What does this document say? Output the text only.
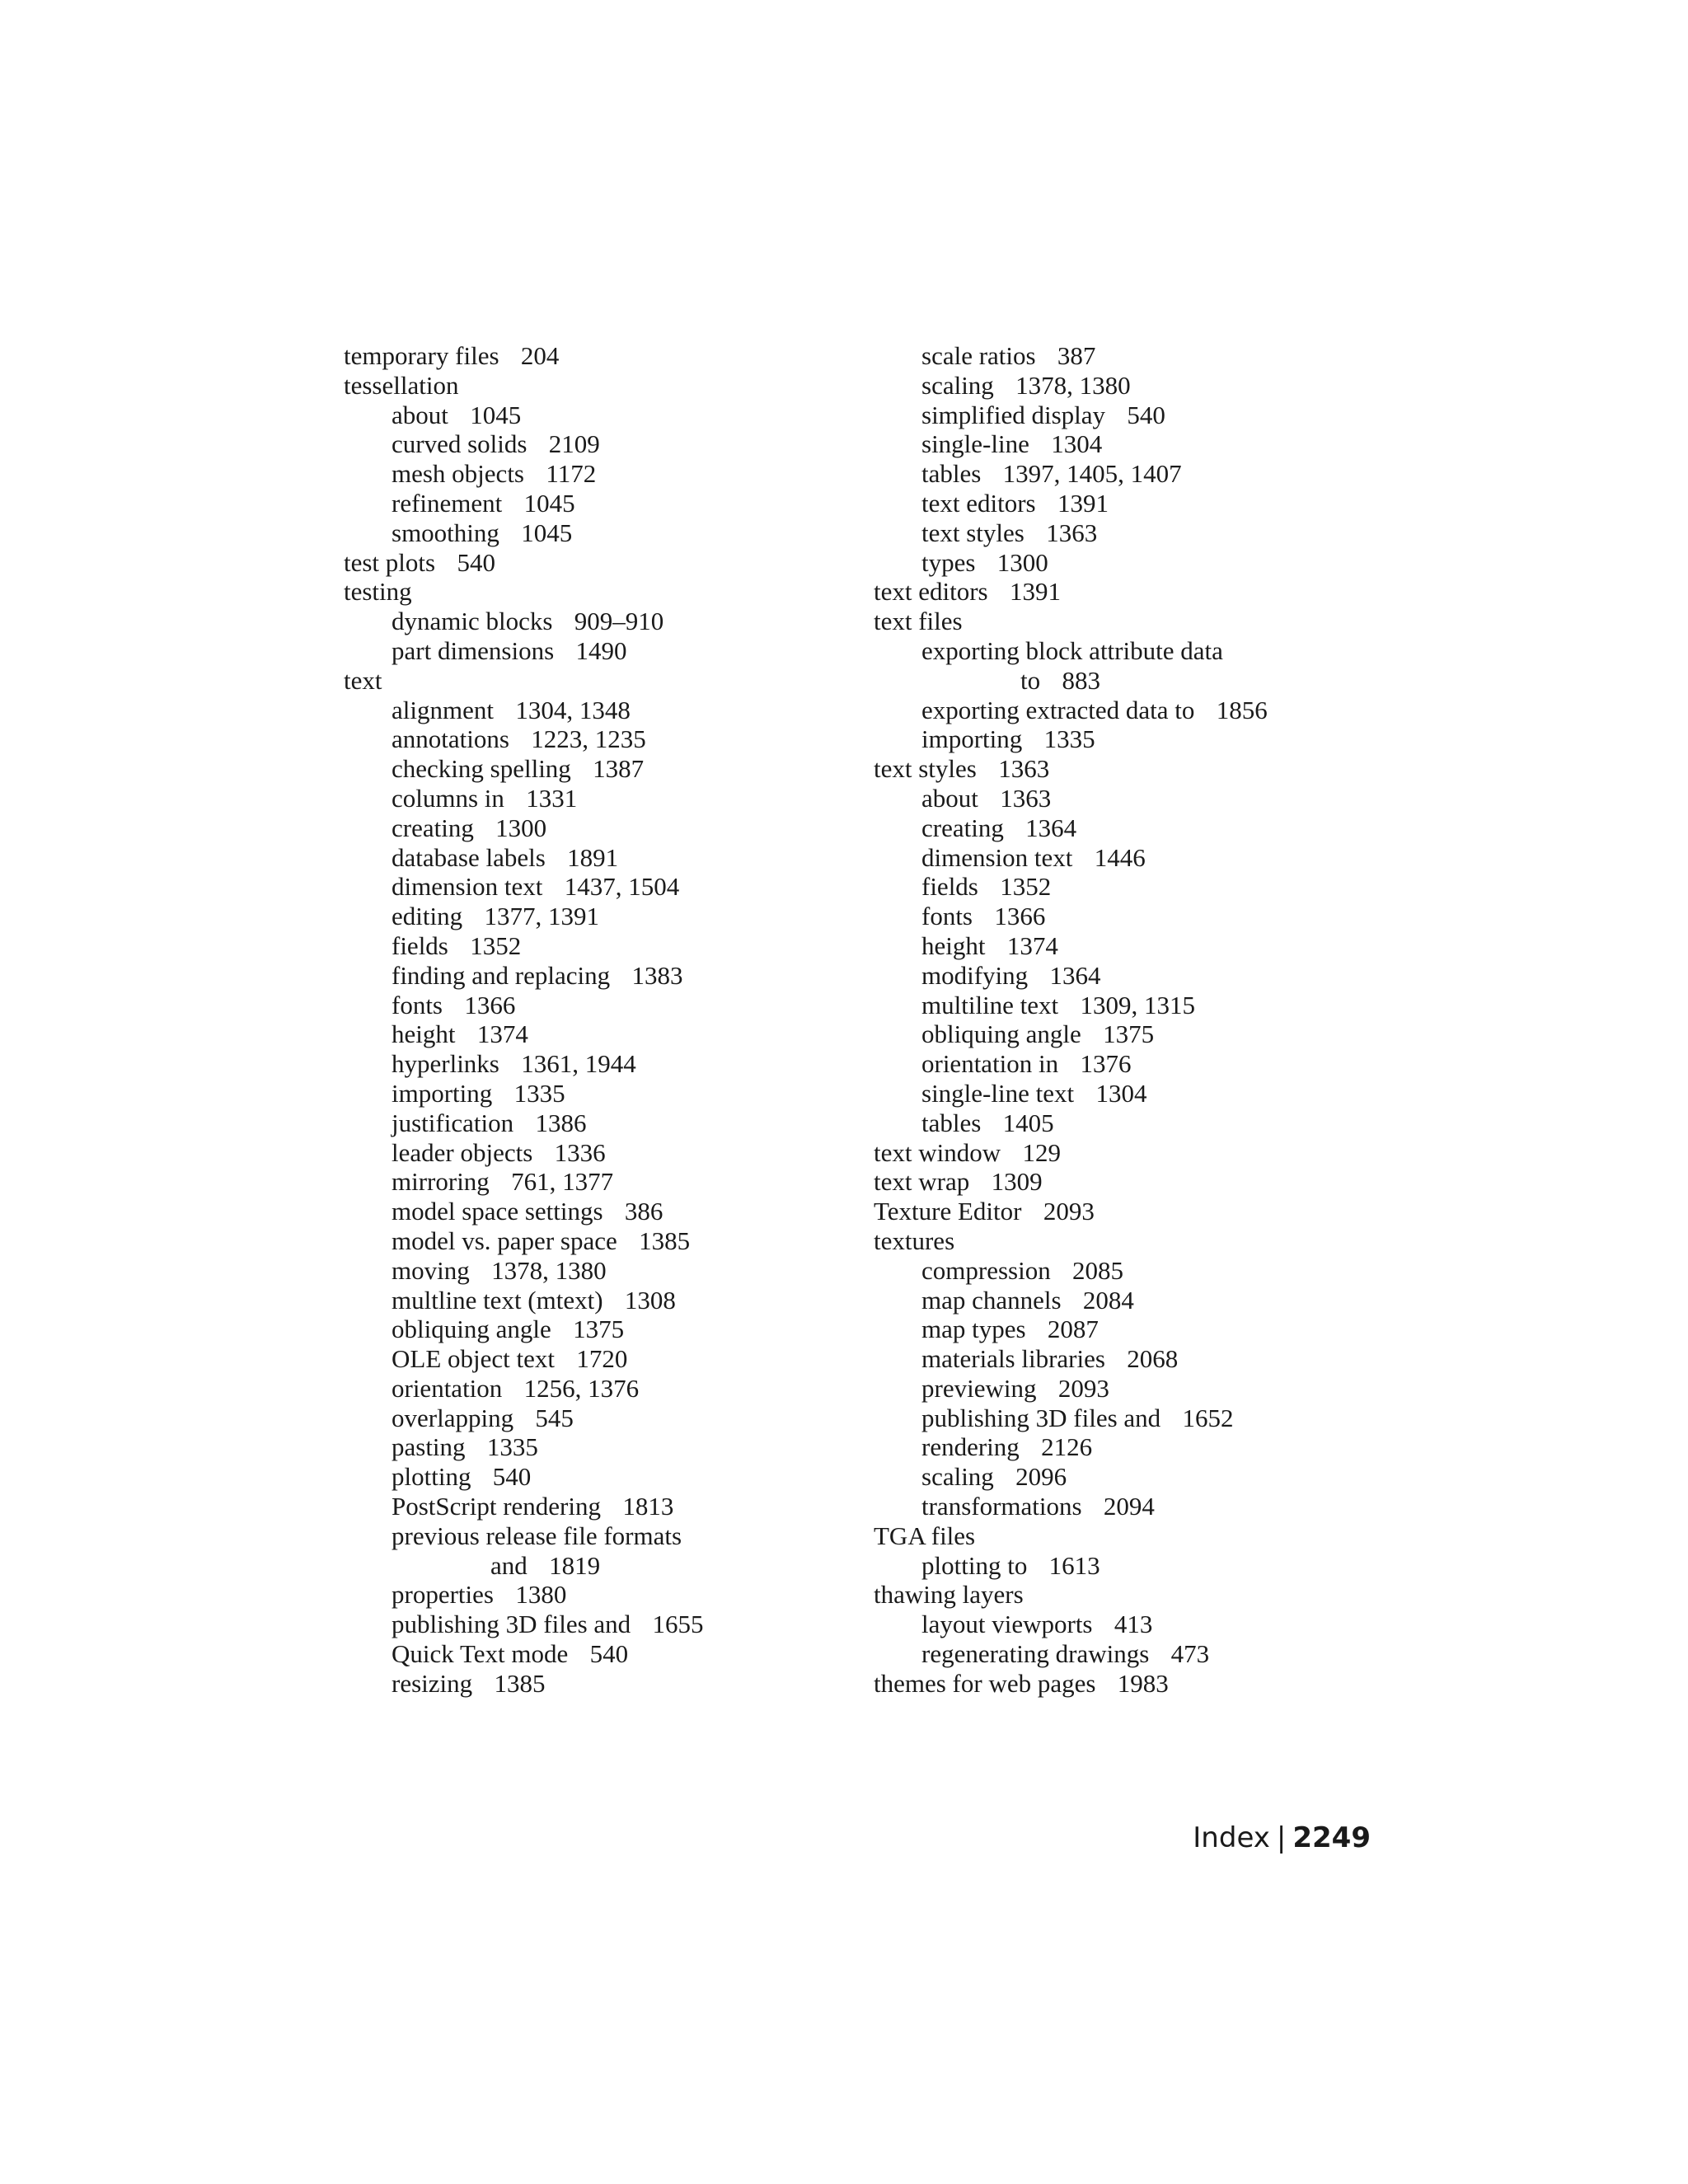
temporary files 204
tessellation
about 1045
curved solids 2109
mesh objects 1172
refinement 1045
smoothing 1045
test plots 540
testing
dynamic blocks 909–910
part dimensions 1490
text
alignment 1304, 1348
annotations 1223, 1235
checking spelling 1387
columns in 1331
creating 1300
database labels 1891
dimension text 1437, 1504
editing 1377, 1391
fields 1352
finding and replacing 1383
fonts 1366
height 1374
hyperlinks 1361, 1944
importing 1335
justification 1386
leader objects 1336
mirroring 761, 1377
model space settings 386
model vs. paper space 1385
moving 1378, 1380
multline text (mtext) 1308
obliquing angle 1375
OLE object text 1720
orientation 1256, 1376
overlapping 545
pasting 1335
plotting 540
PostScript rendering 1813
previous release file formats
and 1819
properties 1380
publishing 3D files and 1655
Quick Text mode 540
resizing 1385
scale ratios 387
scaling 1378, 1380
simplified display 540
single-line 1304
tables 1397, 1405, 1407
text editors 1391
text styles 1363
types 1300
text editors 1391
text files
exporting block attribute data
to 883
exporting extracted data to 1856
importing 1335
text styles 1363
about 1363
creating 1364
dimension text 1446
fields 1352
fonts 1366
height 1374
modifying 1364
multiline text 1309, 1315
obliquing angle 1375
orientation in 1376
single-line text 1304
tables 1405
text window 129
text wrap 1309
Texture Editor 2093
textures
compression 2085
map channels 2084
map types 2087
materials libraries 2068
previewing 2093
publishing 3D files and 1652
rendering 2126
scaling 2096
transformations 2094
TGA files
plotting to 1613
thawing layers
layout viewports 413
regenerating drawings 473
themes for web pages 1983
Index | 2249
